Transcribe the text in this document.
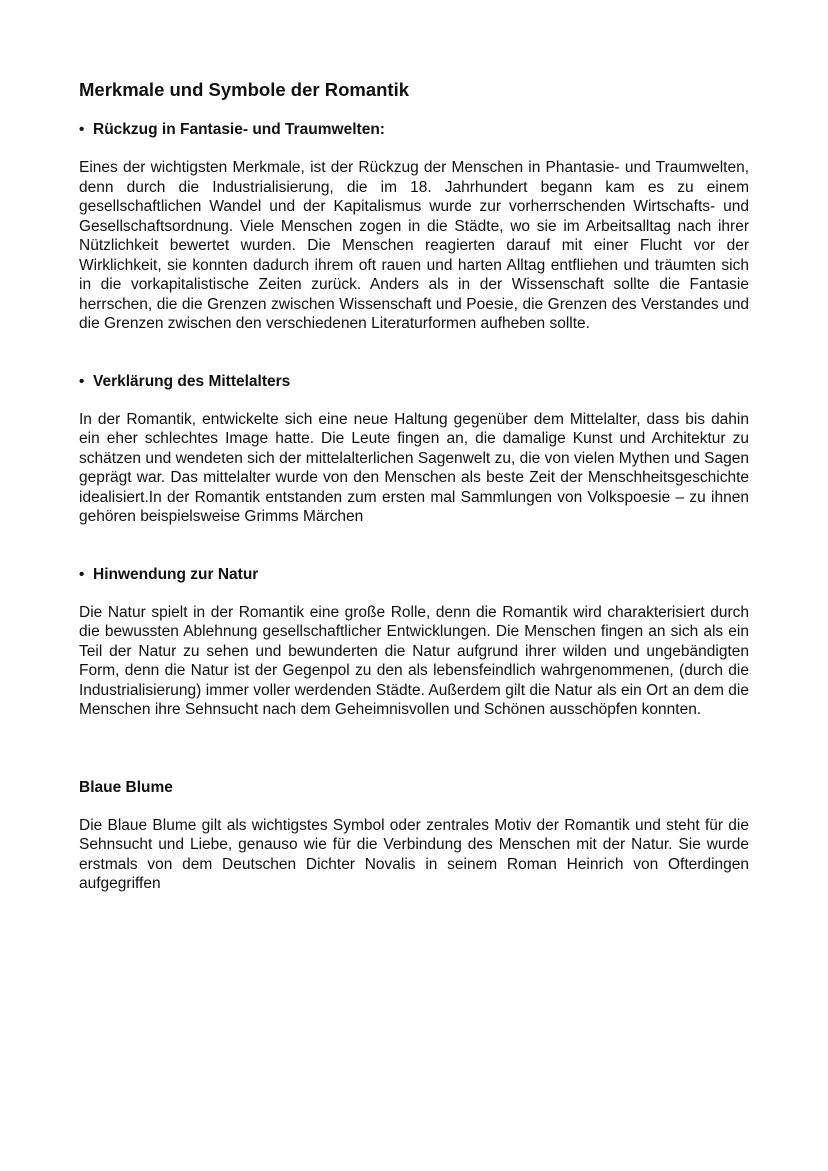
Merkmale und Symbole der Romantik
• Rückzug in Fantasie- und Traumwelten:

Eines der wichtigsten Merkmale, ist der Rückzug der Menschen in Phantasie- und Traumwelten, denn durch die Industrialisierung, die im 18. Jahrhundert begann kam es zu einem gesellschaftlichen Wandel und der Kapitalismus wurde zur vorherrschenden Wirtschafts- und Gesellschaftsordnung. Viele Menschen zogen in die Städte, wo sie im Arbeitsalltag nach ihrer Nützlichkeit bewertet wurden. Die Menschen reagierten darauf mit einer Flucht vor der Wirklichkeit, sie konnten dadurch ihrem oft rauen und harten Alltag entfliehen und träumten sich in die vorkapitalistische Zeiten zurück. Anders als in der Wissenschaft sollte die Fantasie herrschen, die die Grenzen zwischen Wissenschaft und Poesie, die Grenzen des Verstandes und die Grenzen zwischen den verschiedenen Literaturformen aufheben sollte.

• Verklärung des Mittelalters

In der Romantik, entwickelte sich eine neue Haltung gegenüber dem Mittelalter, dass bis dahin ein eher schlechtes Image hatte. Die Leute fingen an, die damalige Kunst und Architektur zu schätzen und wendeten sich der mittelalterlichen Sagenwelt zu, die von vielen Mythen und Sagen geprägt war. Das mittelalter wurde von den Menschen als beste Zeit der Menschheitsgeschichte idealisiert.In der Romantik entstanden zum ersten mal Sammlungen von Volkspoesie – zu ihnen gehören beispielsweise Grimms Märchen

• Hinwendung zur Natur

Die Natur spielt in der Romantik eine große Rolle, denn die Romantik wird charakterisiert durch die bewussten Ablehnung gesellschaftlicher Entwicklungen. Die Menschen fingen an sich als ein Teil der Natur zu sehen und bewunderten die Natur aufgrund ihrer wilden und ungebändigten Form, denn die Natur ist der Gegenpol zu den als lebensfeindlich wahrgenommenen, (durch die Industrialisierung) immer voller werdenden Städte. Außerdem gilt die Natur als ein Ort an dem die Menschen ihre Sehnsucht nach dem Geheimnisvollen und Schönen ausschöpfen konnten.

Blaue Blume

Die Blaue Blume gilt als wichtigstes Symbol oder zentrales Motiv der Romantik und steht für die Sehnsucht und Liebe, genauso wie für die Verbindung des Menschen mit der Natur. Sie wurde erstmals von dem Deutschen Dichter Novalis in seinem Roman Heinrich von Ofterdingen aufgegriffen
